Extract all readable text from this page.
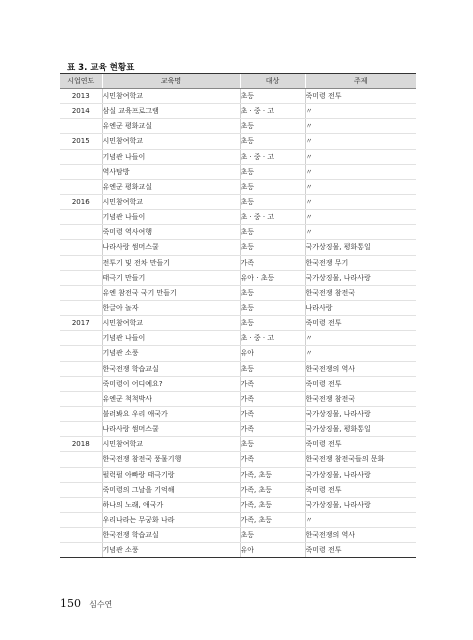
표 3. 교육 현황표
시업연도	교육명	대상	주제
2013	시민참여학교	초등	죽미령 전투
2014	삼실 교육프로그램	초 · 중 · 고	〃
	유엔군 평화교실	초등	〃
2015	시민참여학교	초등	〃
	기념관 나들이	초 · 중 · 고	〃
	역사탐방	초등	〃
	유엔군 평화교실	초등	〃
2016	시민참여학교	초등	〃
	기념관 나들이	초 · 중 · 고	〃
	죽미령 역사여행	초등	〃
	나라사랑 썸머스쿨	초등	국가상징물, 평화통일
	전투기 및 전차 만들기	가족	한국전쟁 무기
	태극기 만들기	유아 · 초등	국가상징물, 나라사랑
	유엔 참전국 국기 만들기	초등	한국전쟁 참전국
	한글아 놀자	초등	나라사랑
2017	시민참여학교	초등	죽미령 전투
	기념관 나들이	초 · 중 · 고	〃
	기념관 소풍	유아	〃
	한국전쟁 학습교실	초등	한국전쟁의 역사
	죽미령이 어디예요?	가족	죽미령 전투
	유엔군 척척박사	가족	한국전쟁 참전국
	불러봐요 우리 애국가	가족	국가상징물, 나라사랑
	나라사랑 썸머스쿨	가족	국가상징물, 평화통일
2018	시민참여학교	초등	죽미령 전투
	한국전쟁 참전국 풍물기행	가족	한국전쟁 참전국들의 문화
	펄럭펄 아빠랑 태극기랑	가족, 초등	국가상징물, 나라사랑
	죽미령의 그날을 기억해	가족, 초등	죽미령 전투
	하나의 노래, 애국가	가족, 초등	국가상징물, 나라사랑
	우리나라는 무궁화 나라	가족, 초등	〃
	한국전쟁 학습교실	초등	한국전쟁의 역사
	기념관 소풍	유아	죽미령 전투
150 심수연
